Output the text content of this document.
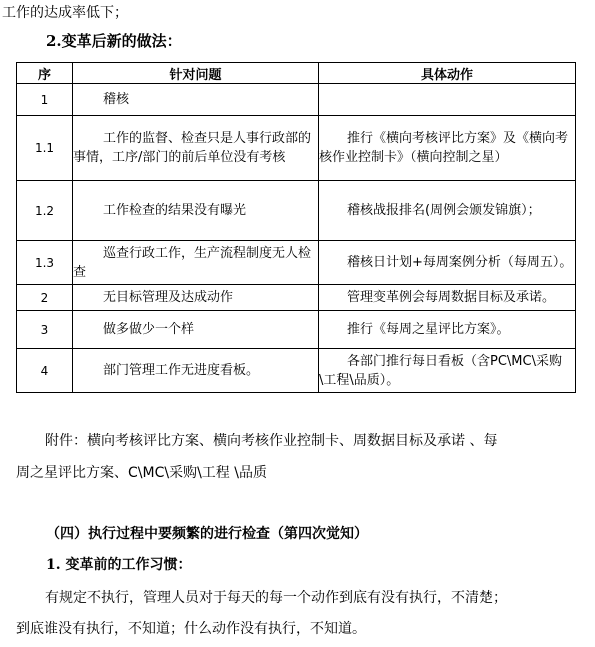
工作的达成率低下；
2.变革后新的做法：
序	针对问题	具体动作
1	稽核	
1.1	工作的监督、检查只是人事行政部的事情，工序/部门的前后单位没有考核	推行《横向考核评比方案》及《横向考核作业控制卡》（横向控制之星）

1.2	工作检查的结果没有曝光	稽核战报排名(周例会颁发锦旗）；

1.3	巡查行政工作，生产流程制度无人检查	稽核日计划+每周案例分析（每周五）。

2	无目标管理及达成动作	管理变革例会每周数据目标及承诺。

3	做多做少一个样	推行《每周之星评比方案》。

4	部门管理工作无进度看板。	各部门推行每日看板（含PC\MC\采购\工程\品质）。
附件：横向考核评比方案、横向考核作业控制卡、周数据目标及承诺 、每
周之星评比方案、C\MC\采购\工程 \品质
（四）执行过程中要频繁的进行检查（第四次觉知）
1. 变革前的工作习惯：
有规定不执行，管理人员对于每天的每一个动作到底有没有执行，不清楚；
到底谁没有执行，不知道；什么动作没有执行，不知道。
